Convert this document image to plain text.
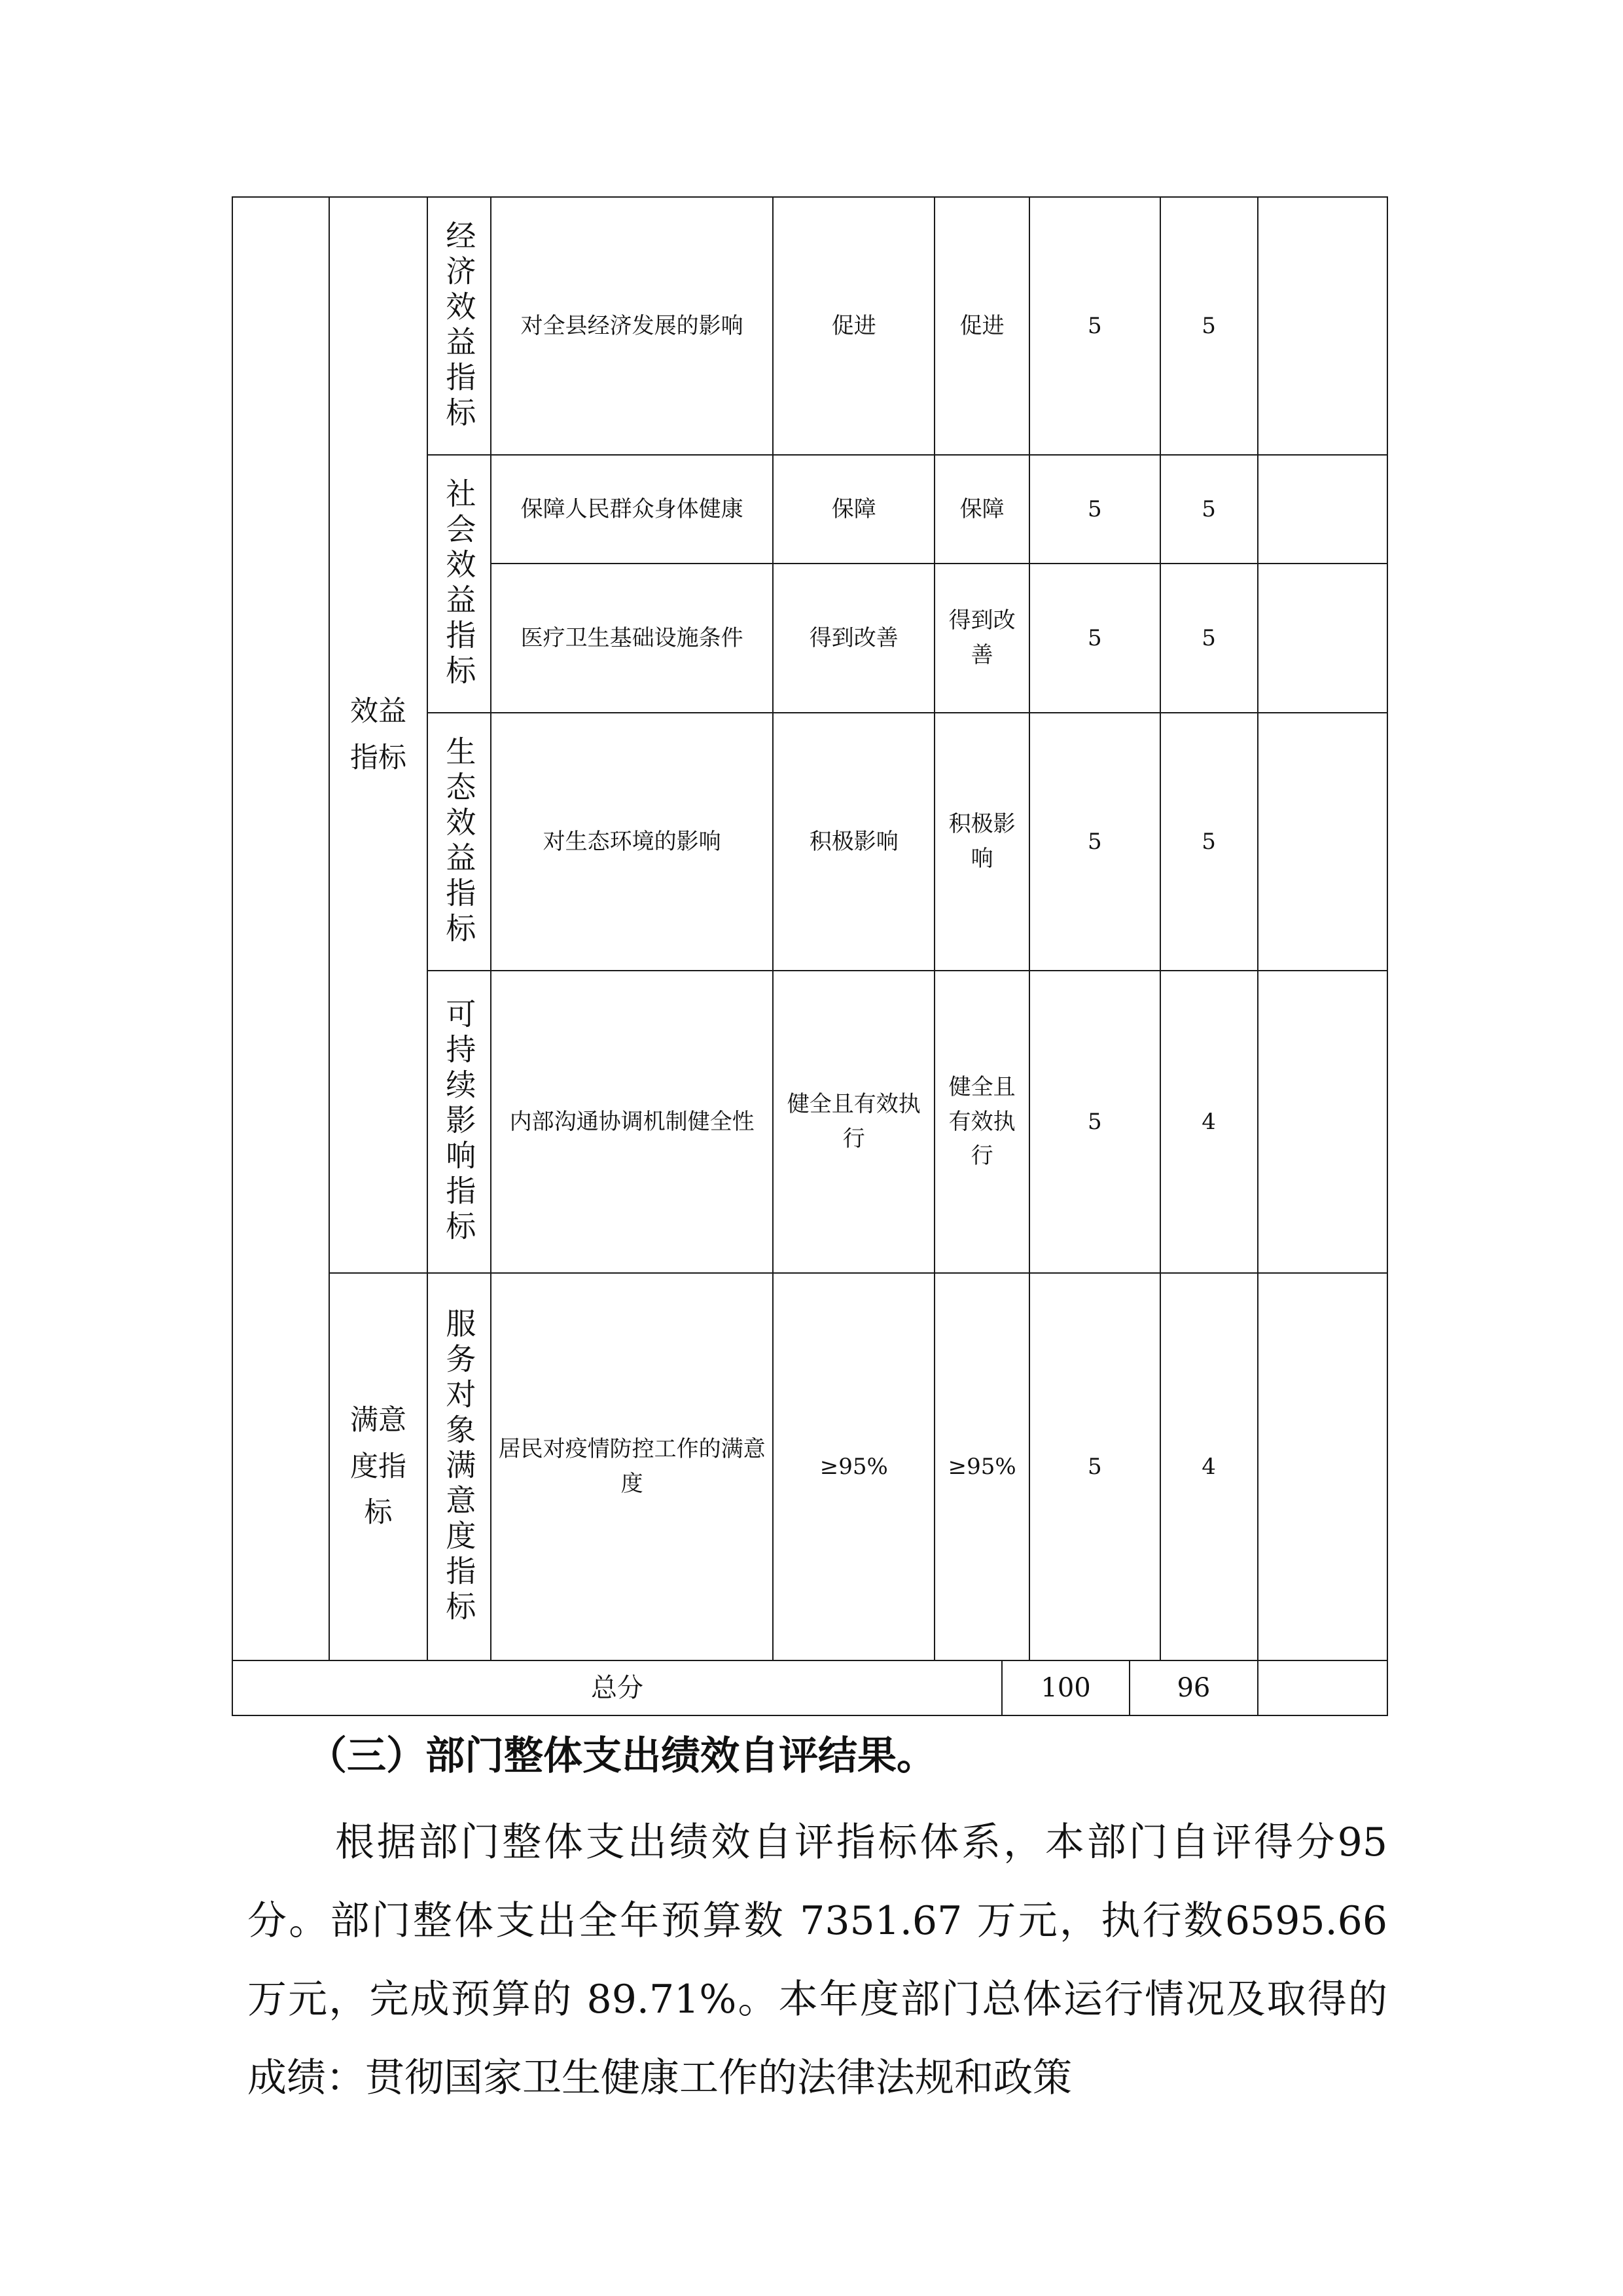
	效益指标	经济效益指标	对全县经济发展的影响	促进	促进		5		5	
		社会效益指标	保障人民群众身体健康	保障	保障		5		5	
			医疗卫生基础设施条件	得到改善	得到改善		5		5	
		生态效益指标	对生态环境的影响	积极影响	积极影响		5		5	
		可持续影响指标	内部沟通协调机制健全性	健全且有效执行	健全且有效执行		5		4	
	满意度指标	服务对象满意度指标	居民对疫情防控工作的满意度	≥95%	≥95%		5		4	
总分						100		96		
（三）部门整体支出绩效自评结果。

根据部门整体支出绩效自评指标体系，本部门自评得分95 分。部门整体支出全年预算数 7351.67 万元，执行数6595.66 万元，完成预算的 89.71%。本年度部门总体运行情况及取得的成绩：贯彻国家卫生健康工作的法律法规和政策
